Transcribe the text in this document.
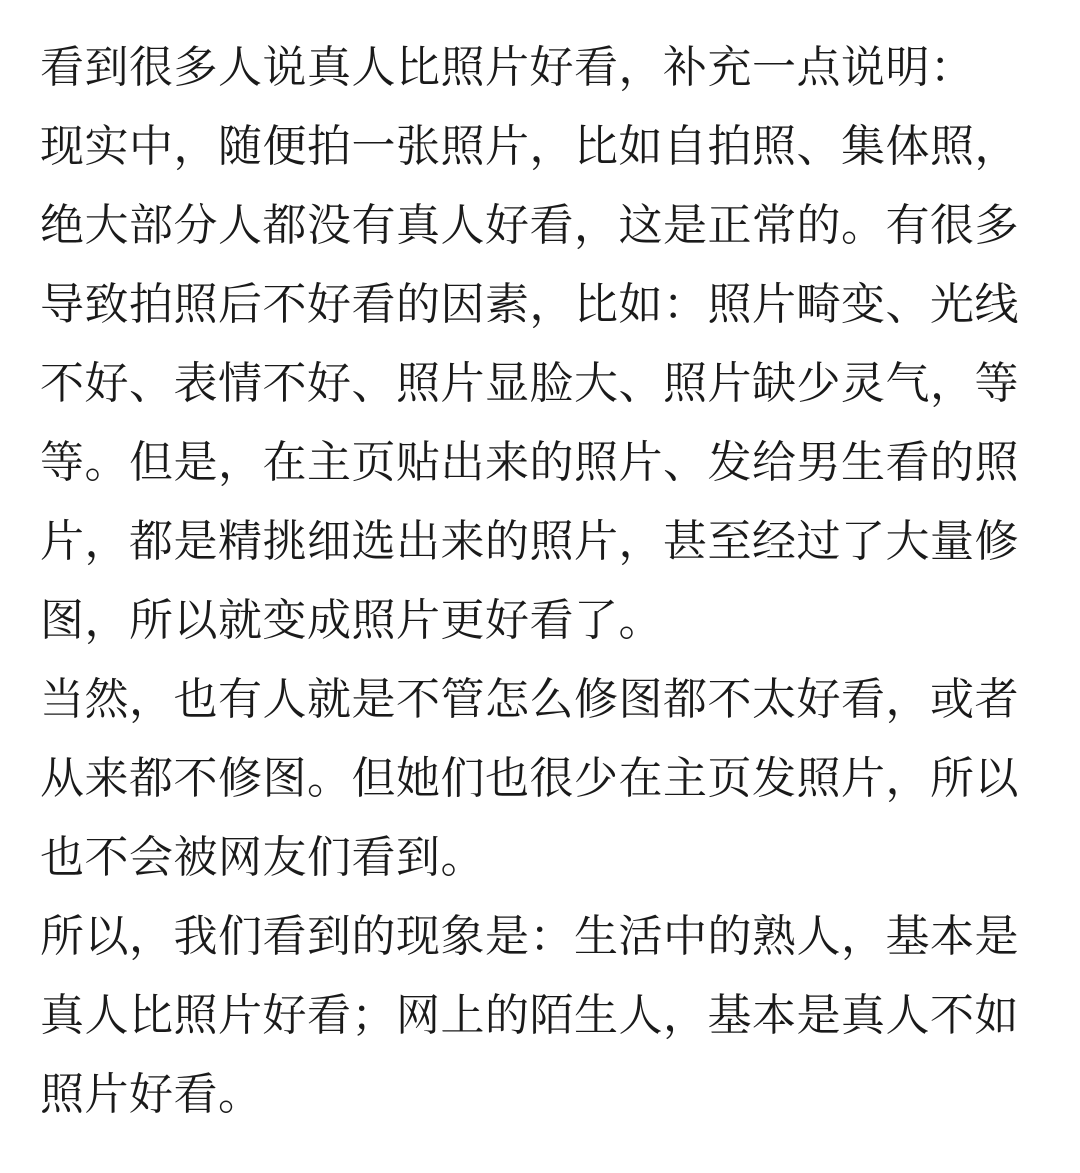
看到很多人说真人比照片好看，补充一点说明：

现实中，随便拍一张照片，比如自拍照、集体照，绝大部分人都没有真人好看，这是正常的。有很多导致拍照后不好看的因素，比如：照片畸变、光线不好、表情不好、照片显脸大、照片缺少灵气，等等。但是，在主页贴出来的照片、发给男生看的照片，都是精挑细选出来的照片，甚至经过了大量修图，所以就变成照片更好看了。

当然，也有人就是不管怎么修图都不太好看，或者从来都不修图。但她们也很少在主页发照片，所以也不会被网友们看到。

所以，我们看到的现象是：生活中的熟人，基本是真人比照片好看；网上的陌生人，基本是真人不如照片好看。
